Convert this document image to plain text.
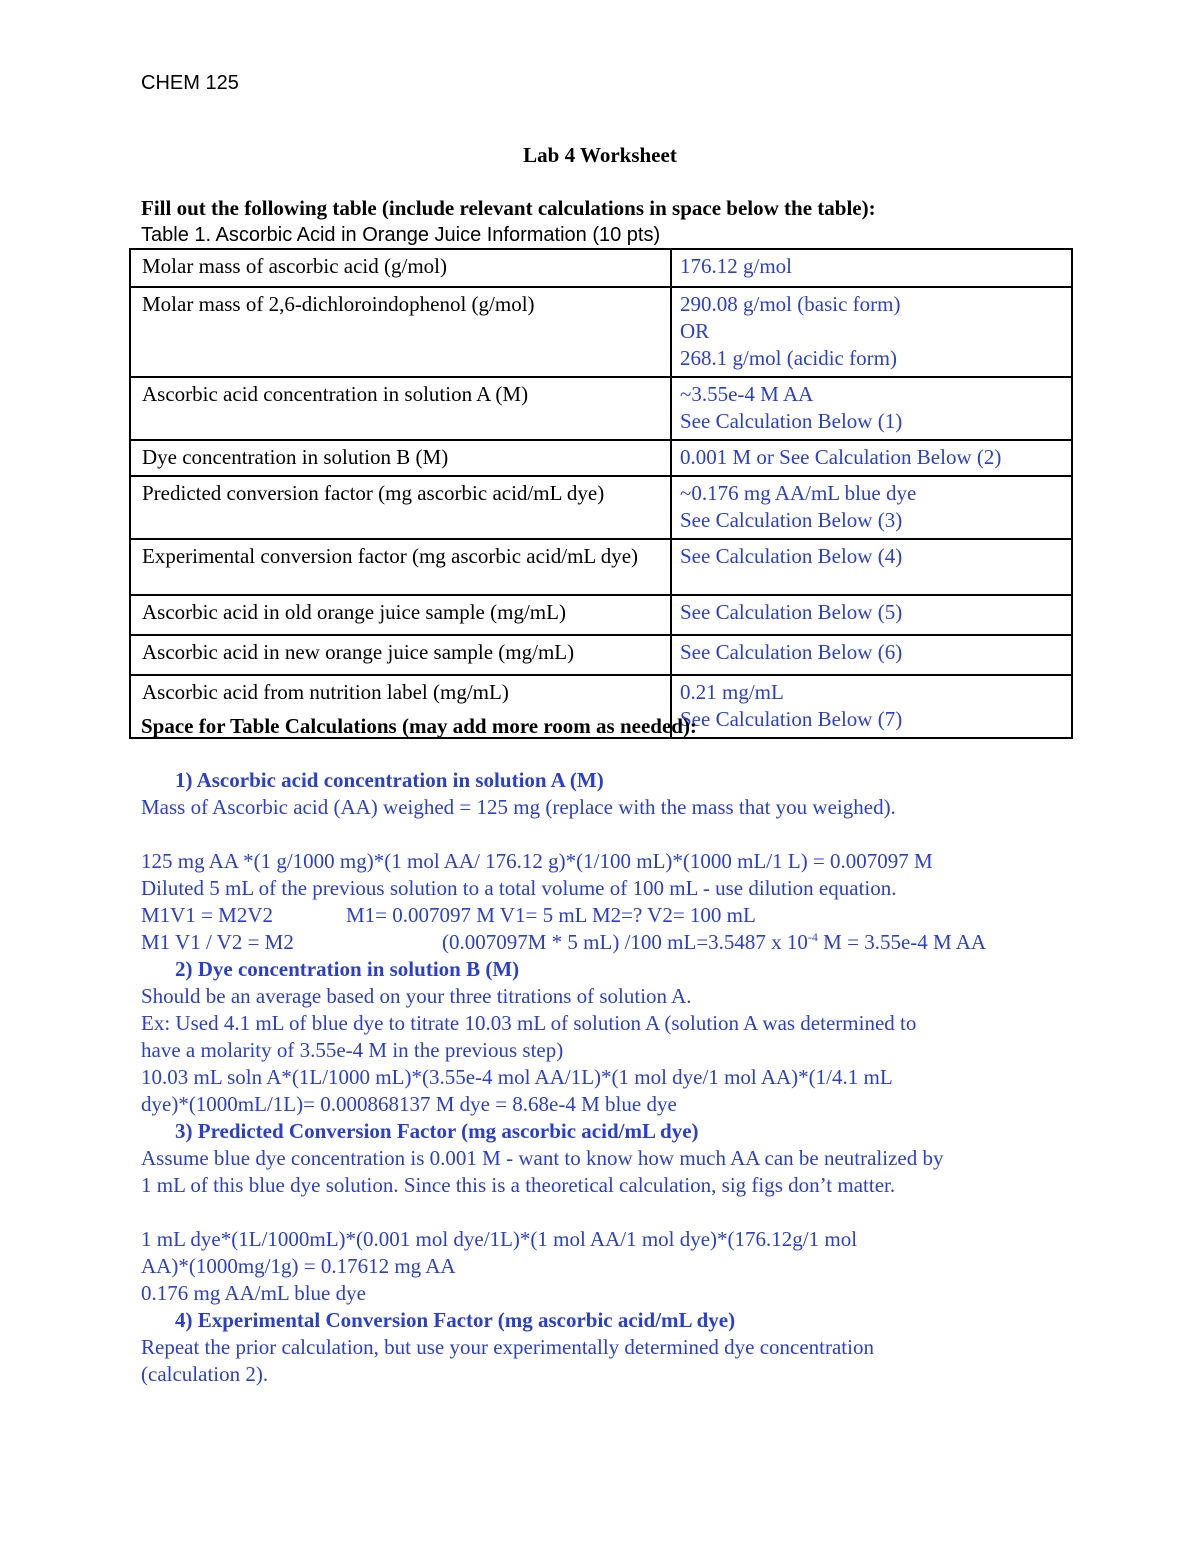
CHEM 125
Lab 4 Worksheet
Fill out the following table (include relevant calculations in space below the table):
Table 1. Ascorbic Acid in Orange Juice Information (10 pts)
Molar mass of ascorbic acid (g/mol)	176.12 g/mol

Molar mass of 2,6-dichloroindophenol (g/mol)	290.08 g/mol (basic form)
OR
268.1 g/mol (acidic form)

Ascorbic acid concentration in solution A (M)	~3.55e-4 M AA
See Calculation Below (1)

Dye concentration in solution B (M)	0.001 M or See Calculation Below (2)

Predicted conversion factor (mg ascorbic acid/mL dye)	~0.176 mg AA/mL blue dye
See Calculation Below (3)

Experimental conversion factor (mg ascorbic acid/mL dye)	See Calculation Below (4)

Ascorbic acid in old orange juice sample (mg/mL)	See Calculation Below (5)

Ascorbic acid in new orange juice sample (mg/mL)	See Calculation Below (6)

Ascorbic acid from nutrition label (mg/mL)	0.21 mg/mL
See Calculation Below (7)
Space for Table Calculations (may add more room as needed):
1) Ascorbic acid concentration in solution A (M)
Mass of Ascorbic acid (AA) weighed = 125 mg (replace with the mass that you weighed).
125 mg AA *(1 g/1000 mg)*(1 mol AA/ 176.12 g)*(1/100 mL)*(1000 mL/1 L) = 0.007097 M
Diluted 5 mL of the previous solution to a total volume of 100 mL - use dilution equation.
M1V1 = M2V2	M1= 0.007097 M V1= 5 mL M2=? V2= 100 mL
M1 V1 / V2 = M2	(0.007097M * 5 mL) /100 mL=3.5487 x $10^{-4}$ M = 3.55e-4 M AA
2) Dye concentration in solution B (M)
Should be an average based on your three titrations of solution A.
Ex: Used 4.1 mL of blue dye to titrate 10.03 mL of solution A (solution A was determined to
have a molarity of 3.55e-4 M in the previous step)
10.03 mL soln A*(1L/1000 mL)*(3.55e-4 mol AA/1L)*(1 mol dye/1 mol AA)*(1/4.1 mL
dye)*(1000mL/1L)= 0.000868137 M dye = 8.68e-4 M blue dye
3) Predicted Conversion Factor (mg ascorbic acid/mL dye)
Assume blue dye concentration is 0.001 M - want to know how much AA can be neutralized by
1 mL of this blue dye solution. Since this is a theoretical calculation, sig figs don’t matter.
1 mL dye*(1L/1000mL)*(0.001 mol dye/1L)*(1 mol AA/1 mol dye)*(176.12g/1 mol
AA)*(1000mg/1g) = 0.17612 mg AA
0.176 mg AA/mL blue dye
4) Experimental Conversion Factor (mg ascorbic acid/mL dye)
Repeat the prior calculation, but use your experimentally determined dye concentration
(calculation 2).
